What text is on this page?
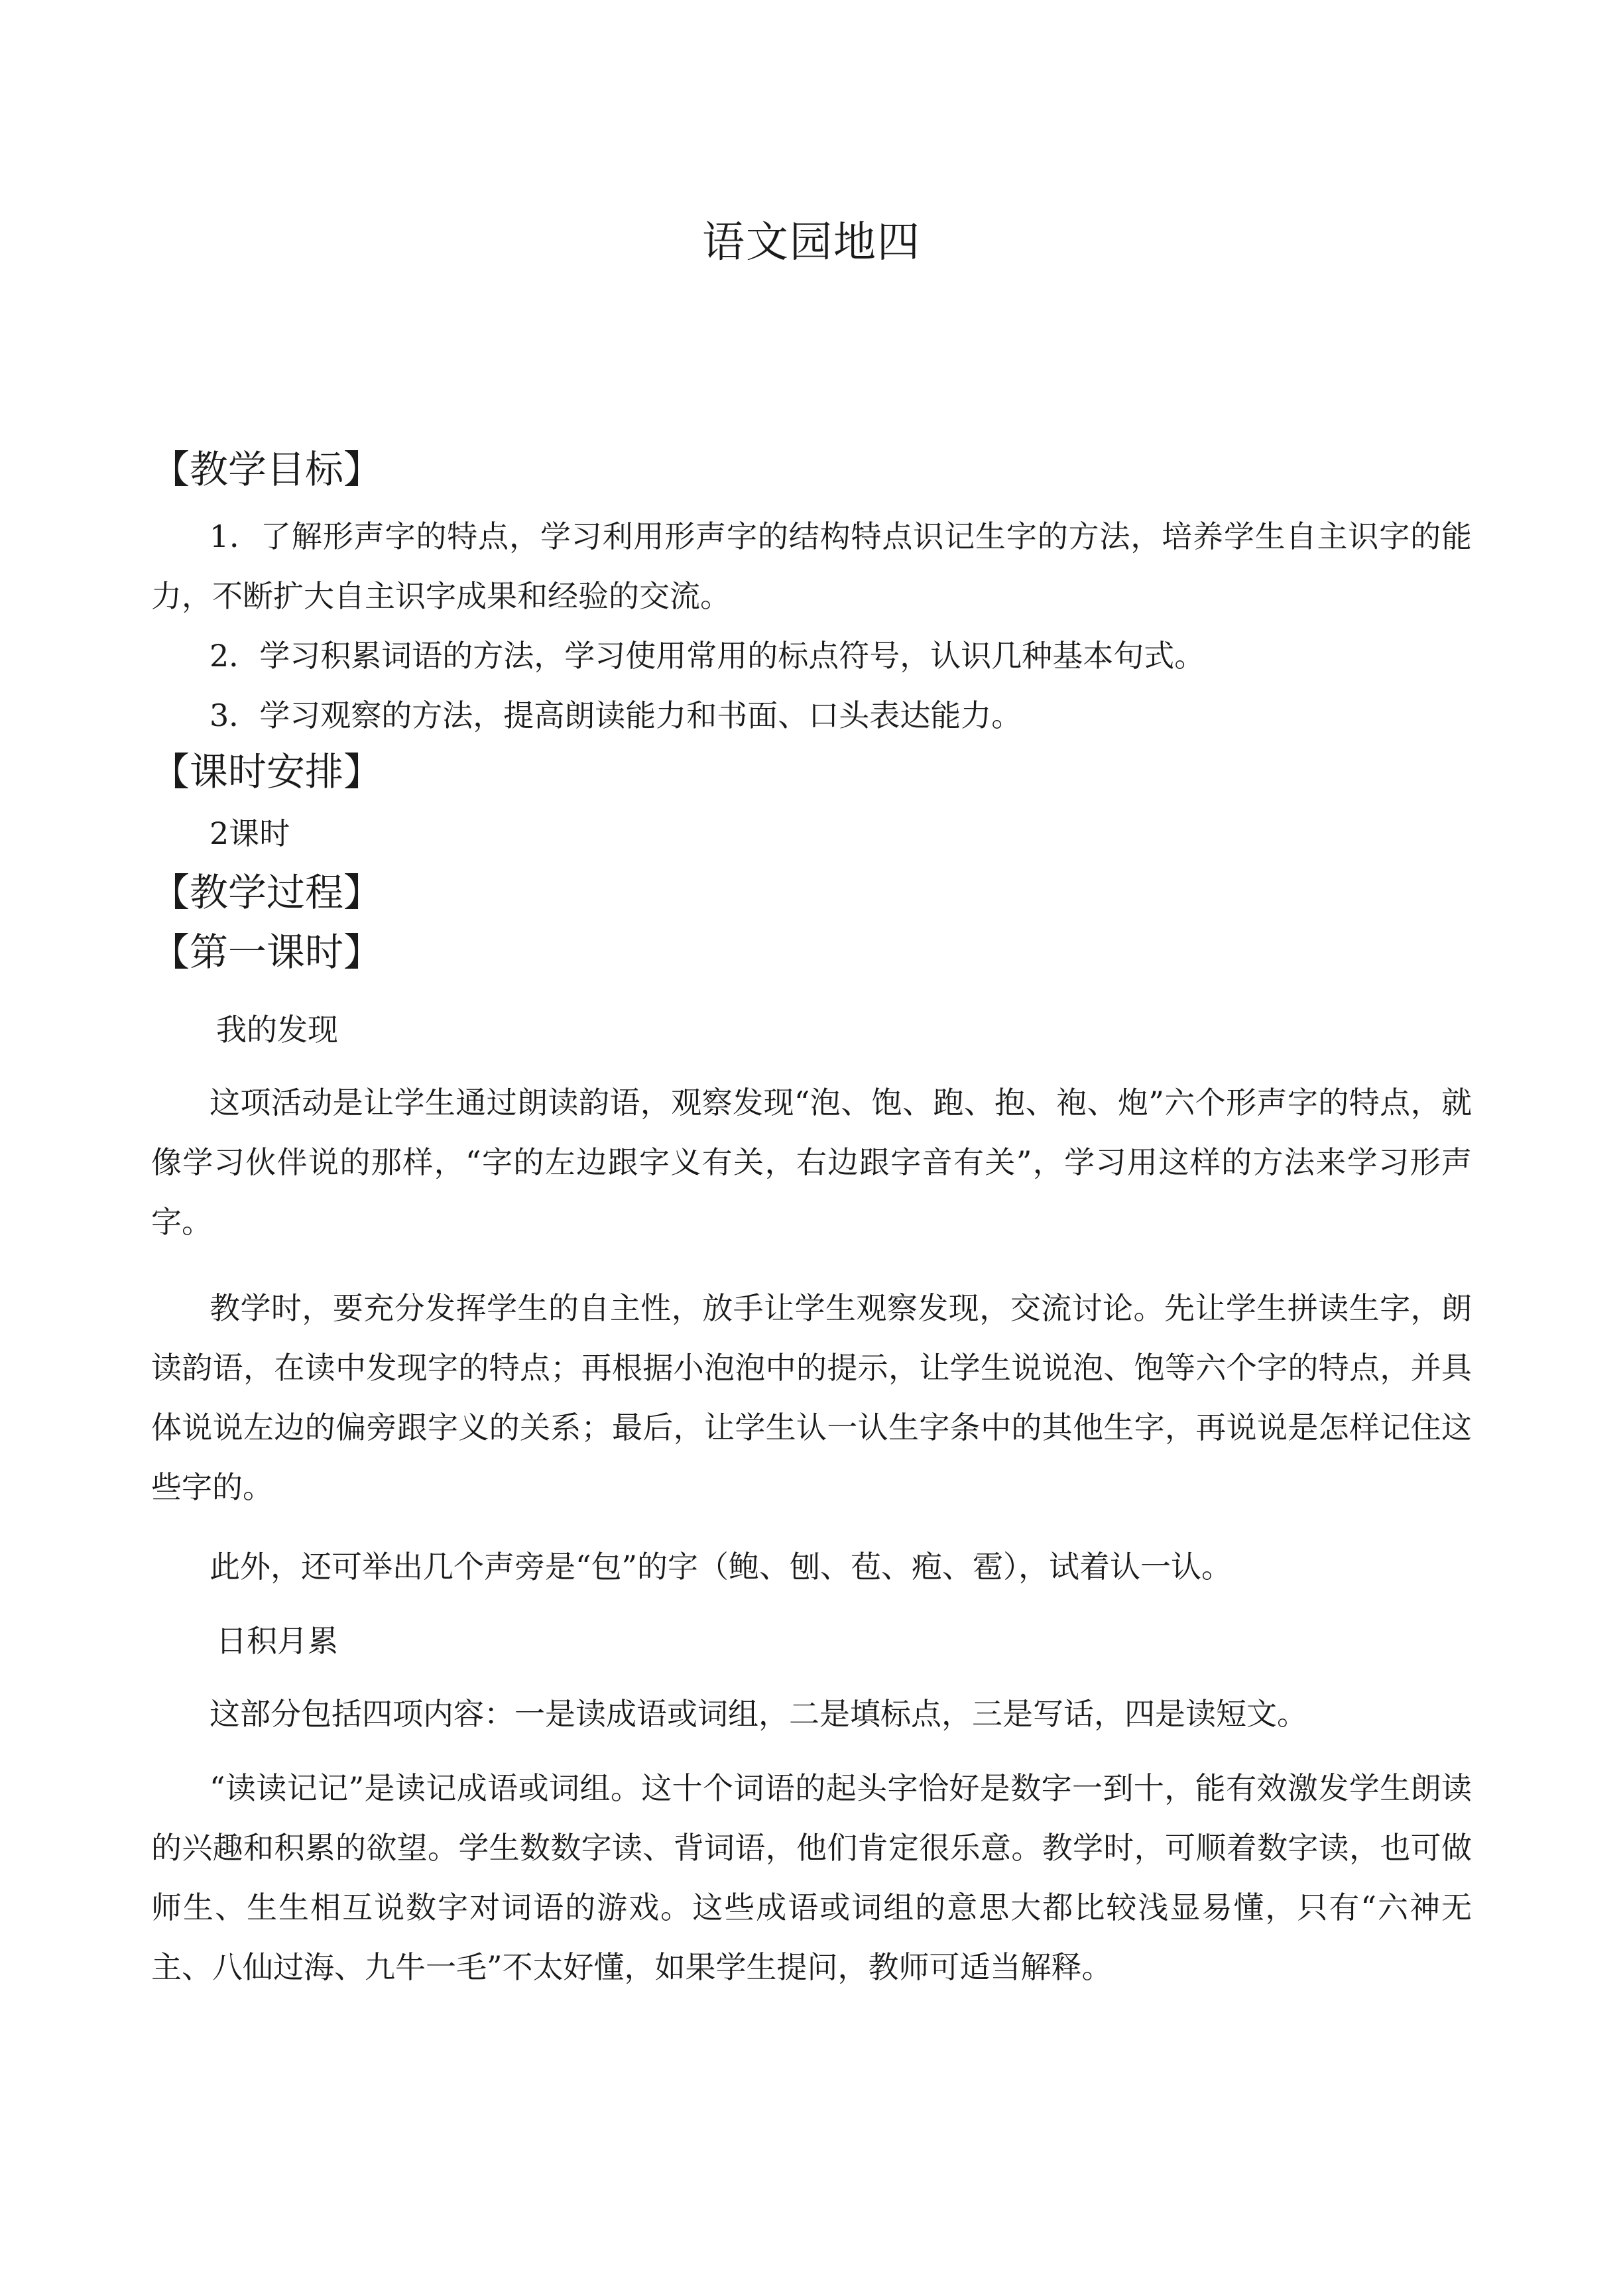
语文园地四
【教学目标】
1．了解形声字的特点，学习利用形声字的结构特点识记生字的方法，培养学生自主识字的能力，不断扩大自主识字成果和经验的交流。
2．学习积累词语的方法，学习使用常用的标点符号，认识几种基本句式。
3．学习观察的方法，提高朗读能力和书面、口头表达能力。
【课时安排】
2课时
【教学过程】
【第一课时】
我的发现
这项活动是让学生通过朗读韵语，观察发现“泡、饱、跑、抱、袍、炮”六个形声字的特点，就像学习伙伴说的那样，“字的左边跟字义有关，右边跟字音有关”，学习用这样的方法来学习形声字。
教学时，要充分发挥学生的自主性，放手让学生观察发现，交流讨论。先让学生拼读生字，朗读韵语，在读中发现字的特点；再根据小泡泡中的提示，让学生说说泡、饱等六个字的特点，并具体说说左边的偏旁跟字义的关系；最后，让学生认一认生字条中的其他生字，再说说是怎样记住这些字的。
此外，还可举出几个声旁是“包”的字（鲍、刨、苞、疱、雹），试着认一认。
日积月累
这部分包括四项内容：一是读成语或词组，二是填标点，三是写话，四是读短文。
“读读记记”是读记成语或词组。这十个词语的起头字恰好是数字一到十，能有效激发学生朗读的兴趣和积累的欲望。学生数数字读、背词语，他们肯定很乐意。教学时，可顺着数字读，也可做师生、生生相互说数字对词语的游戏。这些成语或词组的意思大都比较浅显易懂，只有“六神无主、八仙过海、九牛一毛”不太好懂，如果学生提问，教师可适当解释。
